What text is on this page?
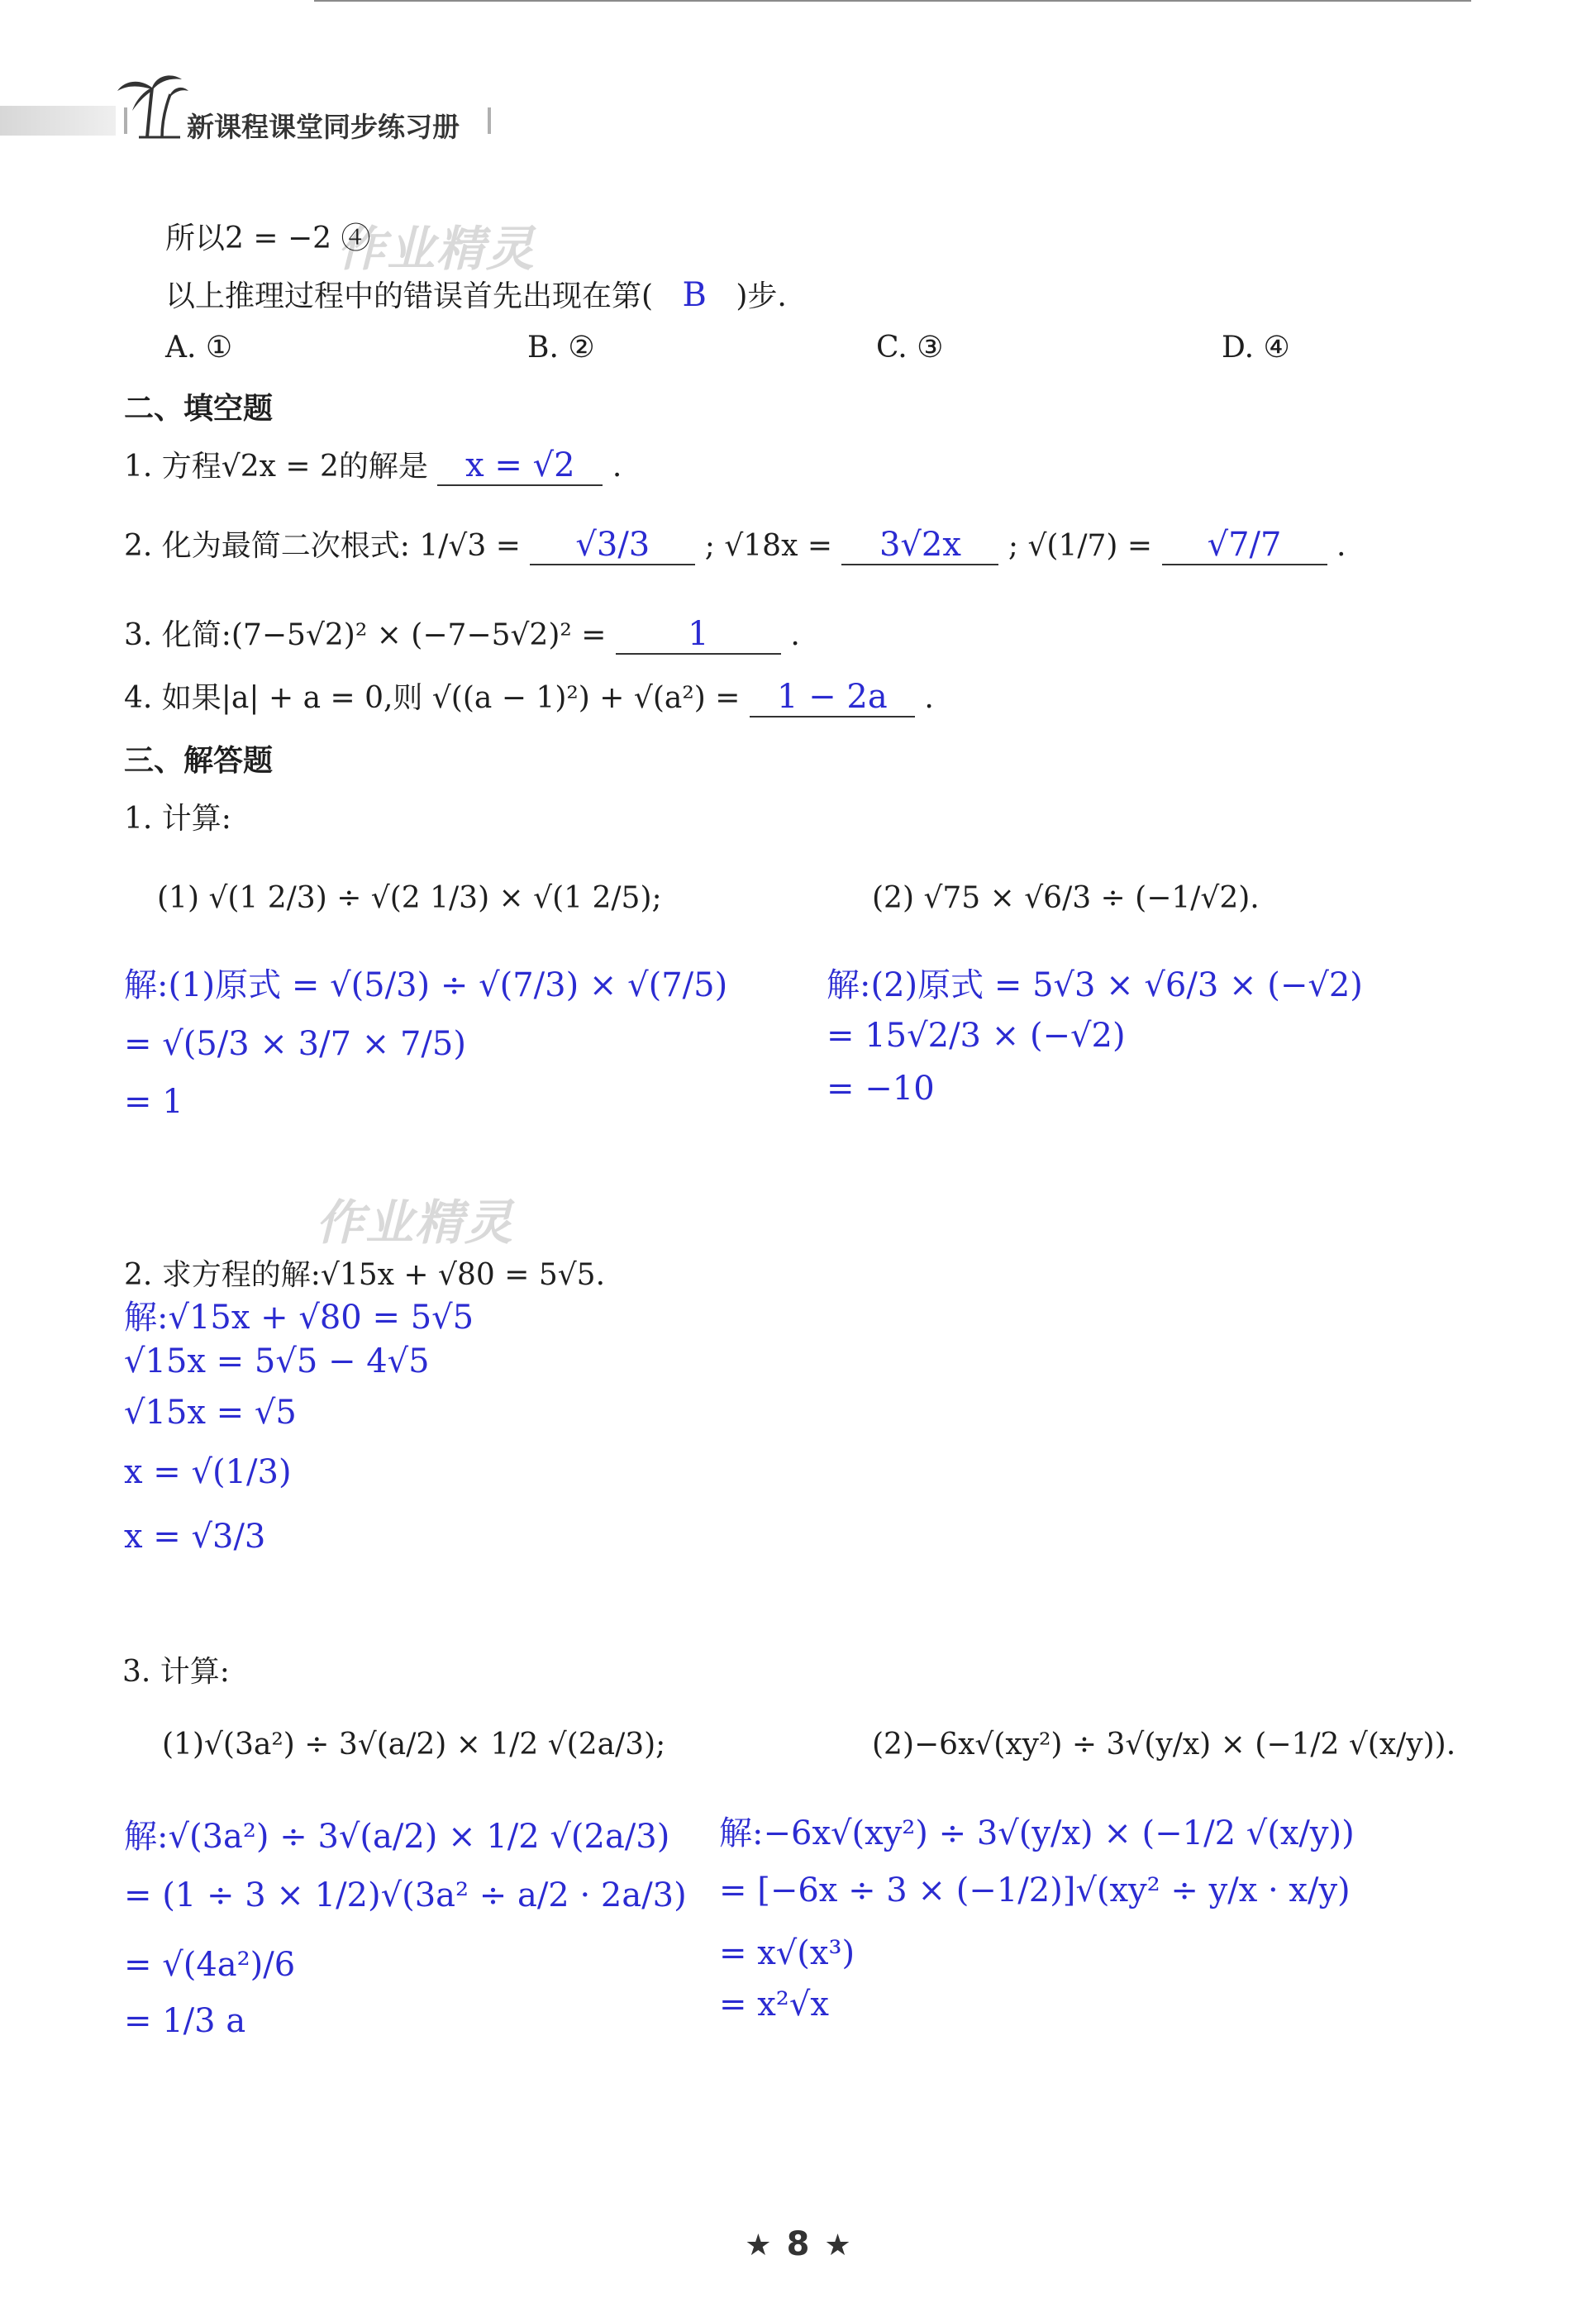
新课程课堂同步练习册
作业精灵
作业精灵
所以2 = −2 ④
以上推理过程中的错误首先出现在第( B )步.
A. ①	B. ②	C. ③	D. ④
二、填空题
1. 方程√2x = 2的解是 x = √2 .
2. 化为最简二次根式: 1/√3 = √3/3 ; √18x = 3√2x ; √(1/7) = √7/7 .
3. 化简:(7−5√2)² × (−7−5√2)² = 1	.
4. 如果|a| + a = 0,则 √((a − 1)²) + √(a²) = 1 − 2a .
三、解答题
1. 计算:
(1) √(1 2/3) ÷ √(2 1/3) × √(1 2/5);	(2) √75 × √6/3 ÷ (−1/√2).
解:(1)原式 = √(5/3) ÷ √(7/3) × √(7/5)
= √(5/3 × 3/7 × 7/5)
= 1
解:(2)原式 = 5√3 × √6/3 × (−√2)
= 15√2/3 × (−√2)
= −10
2. 求方程的解:√15x + √80 = 5√5.
解:√15x + √80 = 5√5
√15x = 5√5 − 4√5
√15x = √5
x = √(1/3)
x = √3/3
3. 计算:
(1)√(3a²) ÷ 3√(a/2) × 1/2 √(2a/3);	(2)−6x√(xy²) ÷ 3√(y/x) × (−1/2 √(x/y)).
解:√(3a²) ÷ 3√(a/2) × 1/2 √(2a/3)
= (1 ÷ 3 × 1/2)√(3a² ÷ a/2 · 2a/3)
= √(4a²)/6
= 1/3 a
解:−6x√(xy²) ÷ 3√(y/x) × (−1/2 √(x/y))
= [−6x ÷ 3 × (−1/2)]√(xy² ÷ y/x · x/y)
= x√(x³)
= x²√x
★ 8 ★
